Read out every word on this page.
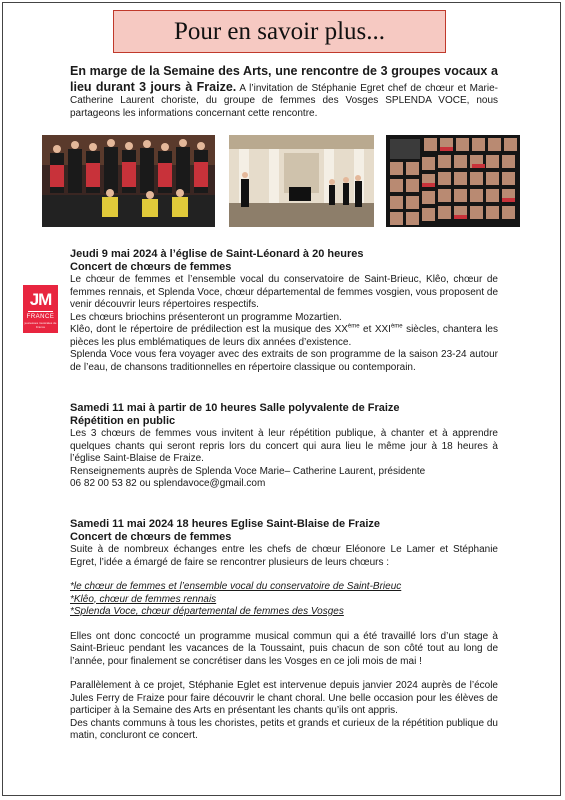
Pour en savoir plus...
En marge de la Semaine des Arts, une rencontre de 3 groupes vocaux a lieu durant 3 jours à Fraize. A l’invitation de Stéphanie Egret chef de chœur et Marie-Catherine Laurent choriste, du groupe de femmes des Vosges SPLENDA VOCE, nous partageons les informations concernant cette rencontre.
JM
FRANCE
jeunesses musicales de France

Jeudi 9 mai 2024 à l’église de Saint-Léonard à 20 heures

Concert de chœurs de femmes

Le chœur de femmes et l’ensemble vocal du conservatoire de Saint-Brieuc, Klêo, chœur de femmes rennais, et Splenda Voce, chœur départemental de femmes vosgien, vous proposent de venir découvrir leurs répertoires respectifs.

Les chœurs briochins présenteront un programme Mozartien.

Klêo, dont le répertoire de prédilection est la musique des XXème et XXIème siècles, chantera les pièces les plus emblématiques de leurs dix années d’existence.

Splenda Voce vous fera voyager avec des extraits de son programme de la saison 23-24 autour de l’eau, de chansons traditionnelles en répertoire classique ou contemporain.

Samedi 11 mai à partir de 10 heures Salle polyvalente de Fraize

Répétition en public

Les 3 chœurs de femmes vous invitent à leur répétition publique, à chanter et à apprendre quelques chants qui seront repris lors du concert qui aura lieu le même jour à 18 heures à l’église Saint-Blaise de Fraize.

Renseignements auprès de Splenda Voce Marie– Catherine Laurent, présidente

06 82 00 53 82 ou splendavoce@gmail.com

Samedi 11 mai 2024 18 heures Eglise Saint-Blaise de Fraize

Concert de chœurs de femmes

Suite à de nombreux échanges entre les chefs de chœur Eléonore Le Lamer et Stéphanie Egret, l’idée a émargé de faire se rencontrer plusieurs de leurs chœurs :

*le chœur de femmes et l’ensemble vocal du conservatoire de Saint-Brieuc

*Klêo, chœur de femmes rennais

*Splenda Voce, chœur départemental de femmes des Vosges

Elles ont donc concocté un programme musical commun qui a été travaillé lors d’un stage à Saint-Brieuc pendant les vacances de la Toussaint, puis chacun de son côté tout au long de l’année, pour finalement se concrétiser dans les Vosges en ce joli mois de mai !

Parallèlement à ce projet, Stéphanie Eglet est intervenue depuis janvier 2024 auprès de l’école Jules Ferry de Fraize pour faire découvrir le chant choral. Une belle occasion pour les élèves de participer à la Semaine des Arts en présentant les chants qu’ils ont appris.

Des chants communs à tous les choristes, petits et grands et curieux de la répétition publique du matin, concluront ce concert.
